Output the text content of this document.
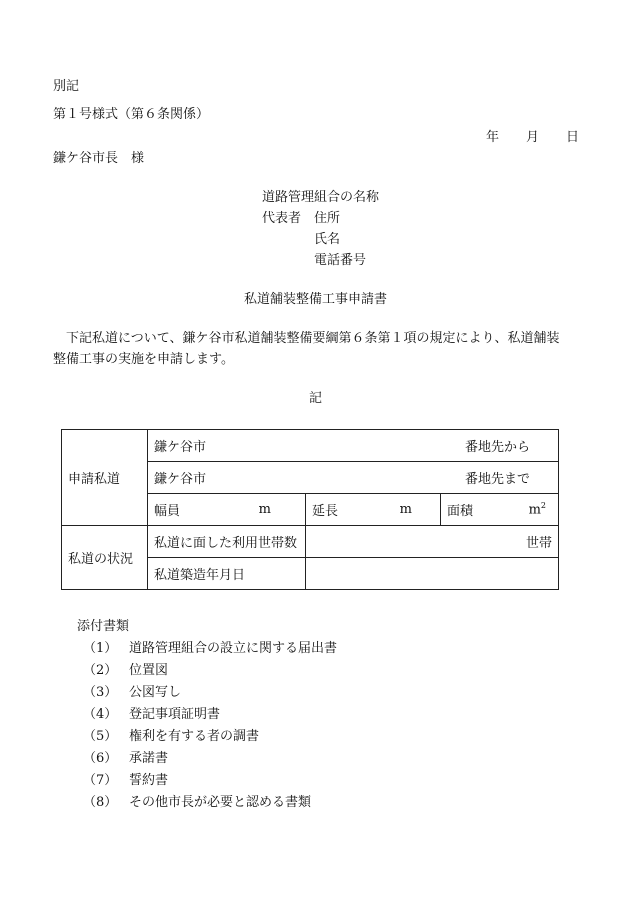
別記
第１号様式（第６条関係）
年 月 日
鎌ケ谷市長　様
道路管理組合の名称
代表者 住所
氏名
電話番号
私道舗装整備工事申請書
下記私道について、鎌ケ谷市私道舗装整備要綱第６条第１項の規定により、私道舗装
整備工事の実施を申請します。
記
申請私道	鎌ケ谷市 番地先から		

	鎌ケ谷市 番地先まで		

	幅員 m	延長 m	面積 $m^2$

私道の状況	私道に面した利用世帯数	世帯	
	私道築造年月日		
添付書類
（1） 道路管理組合の設立に関する届出書
（2） 位置図
（3） 公図写し
（4） 登記事項証明書
（5） 権利を有する者の調書
（6） 承諾書
（7） 誓約書
（8） その他市長が必要と認める書類
